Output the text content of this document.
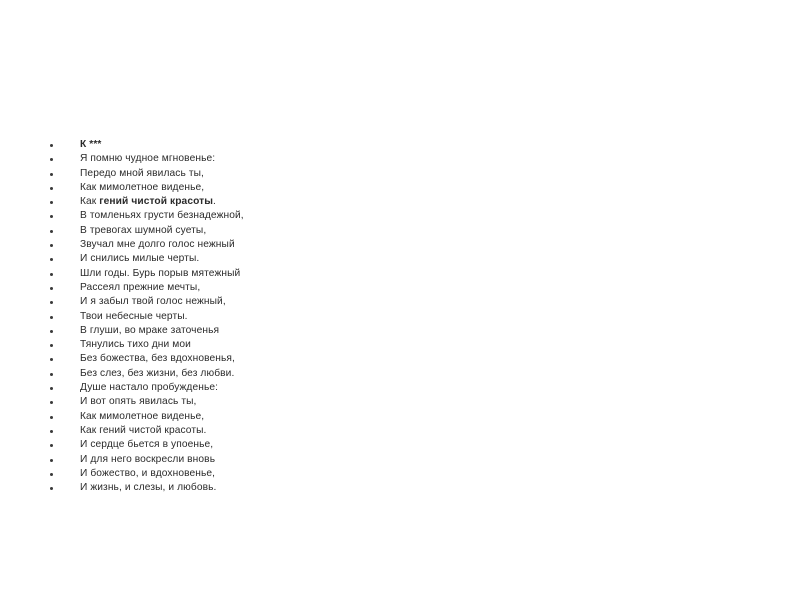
К ***
Я помню чудное мгновенье:
Передо мной явилась ты,
Как мимолетное виденье,
Как гений чистой красоты.
В томленьях грусти безнадежной,
В тревогах шумной суеты,
Звучал мне долго голос нежный
И снились милые черты.
Шли годы. Бурь порыв мятежный
Рассеял прежние мечты,
И я забыл твой голос нежный,
Твои небесные черты.
В глуши, во мраке заточенья
Тянулись тихо дни мои
Без божества, без вдохновенья,
Без слез, без жизни, без любви.
Душе настало пробужденье:
И вот опять явилась ты,
Как мимолетное виденье,
Как гений чистой красоты.
И сердце бьется в упоенье,
И для него воскресли вновь
И божество, и вдохновенье,
И жизнь, и слезы, и любовь.
